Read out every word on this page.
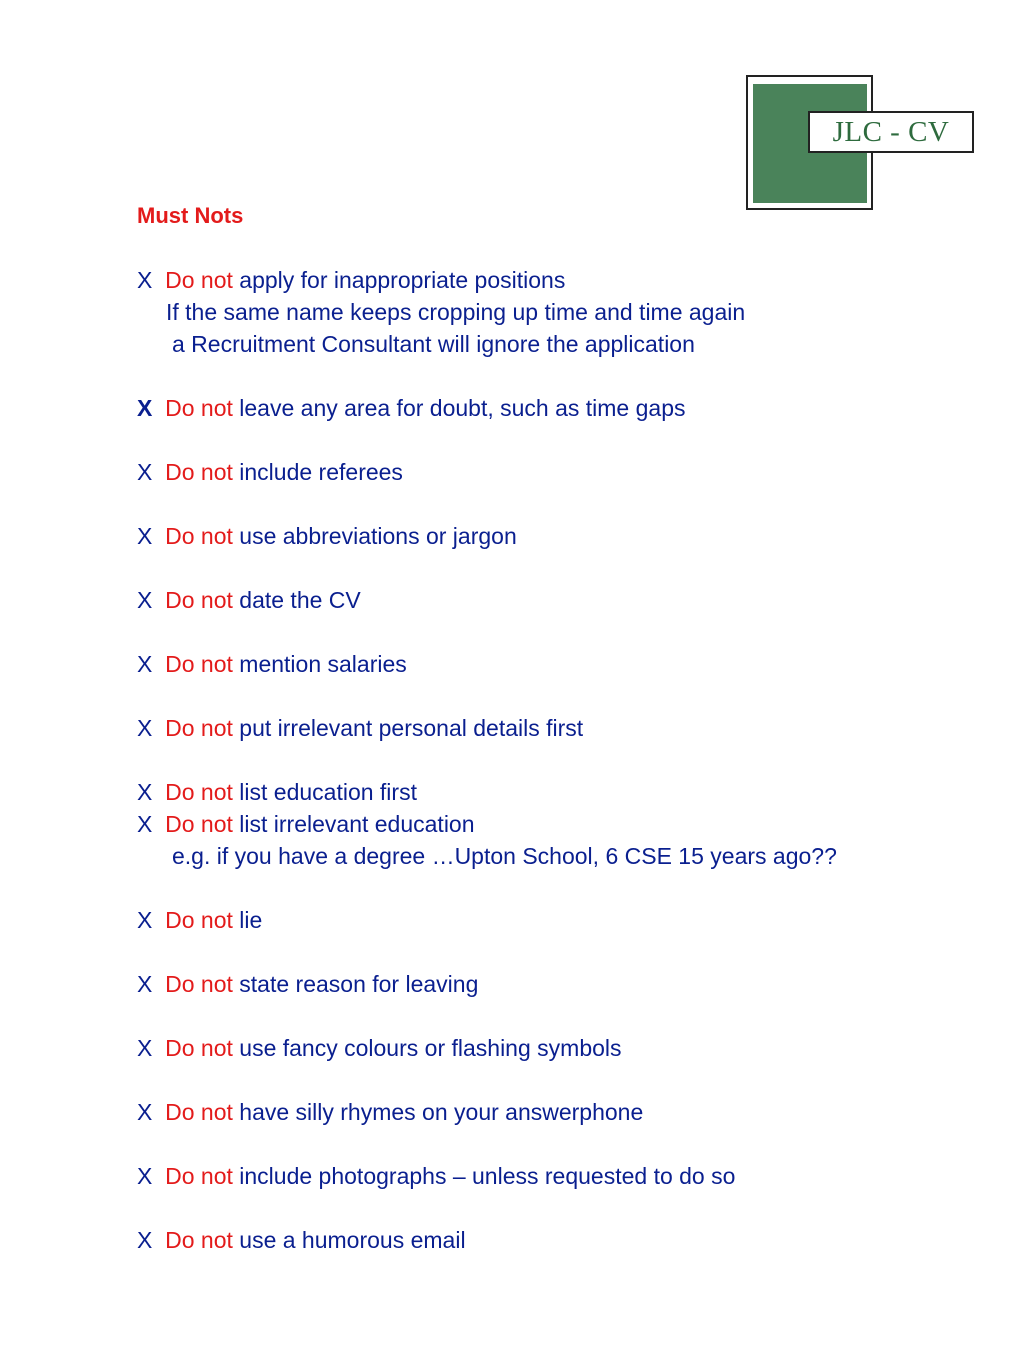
JLC - CV
Must Nots
X Do not apply for inappropriate positions
If the same name keeps cropping up time and time again
a Recruitment Consultant will ignore the application
X Do not leave any area for doubt, such as time gaps
X Do not include referees
X Do not use abbreviations or jargon
X Do not date the CV
X Do not mention salaries
X Do not put irrelevant personal details first
X Do not list education first
X Do not list irrelevant education
e.g. if you have a degree …Upton School, 6 CSE 15 years ago??
X Do not lie
X Do not state reason for leaving
X Do not use fancy colours or flashing symbols
X Do not have silly rhymes on your answerphone
X Do not include photographs – unless requested to do so
X Do not use a humorous email
